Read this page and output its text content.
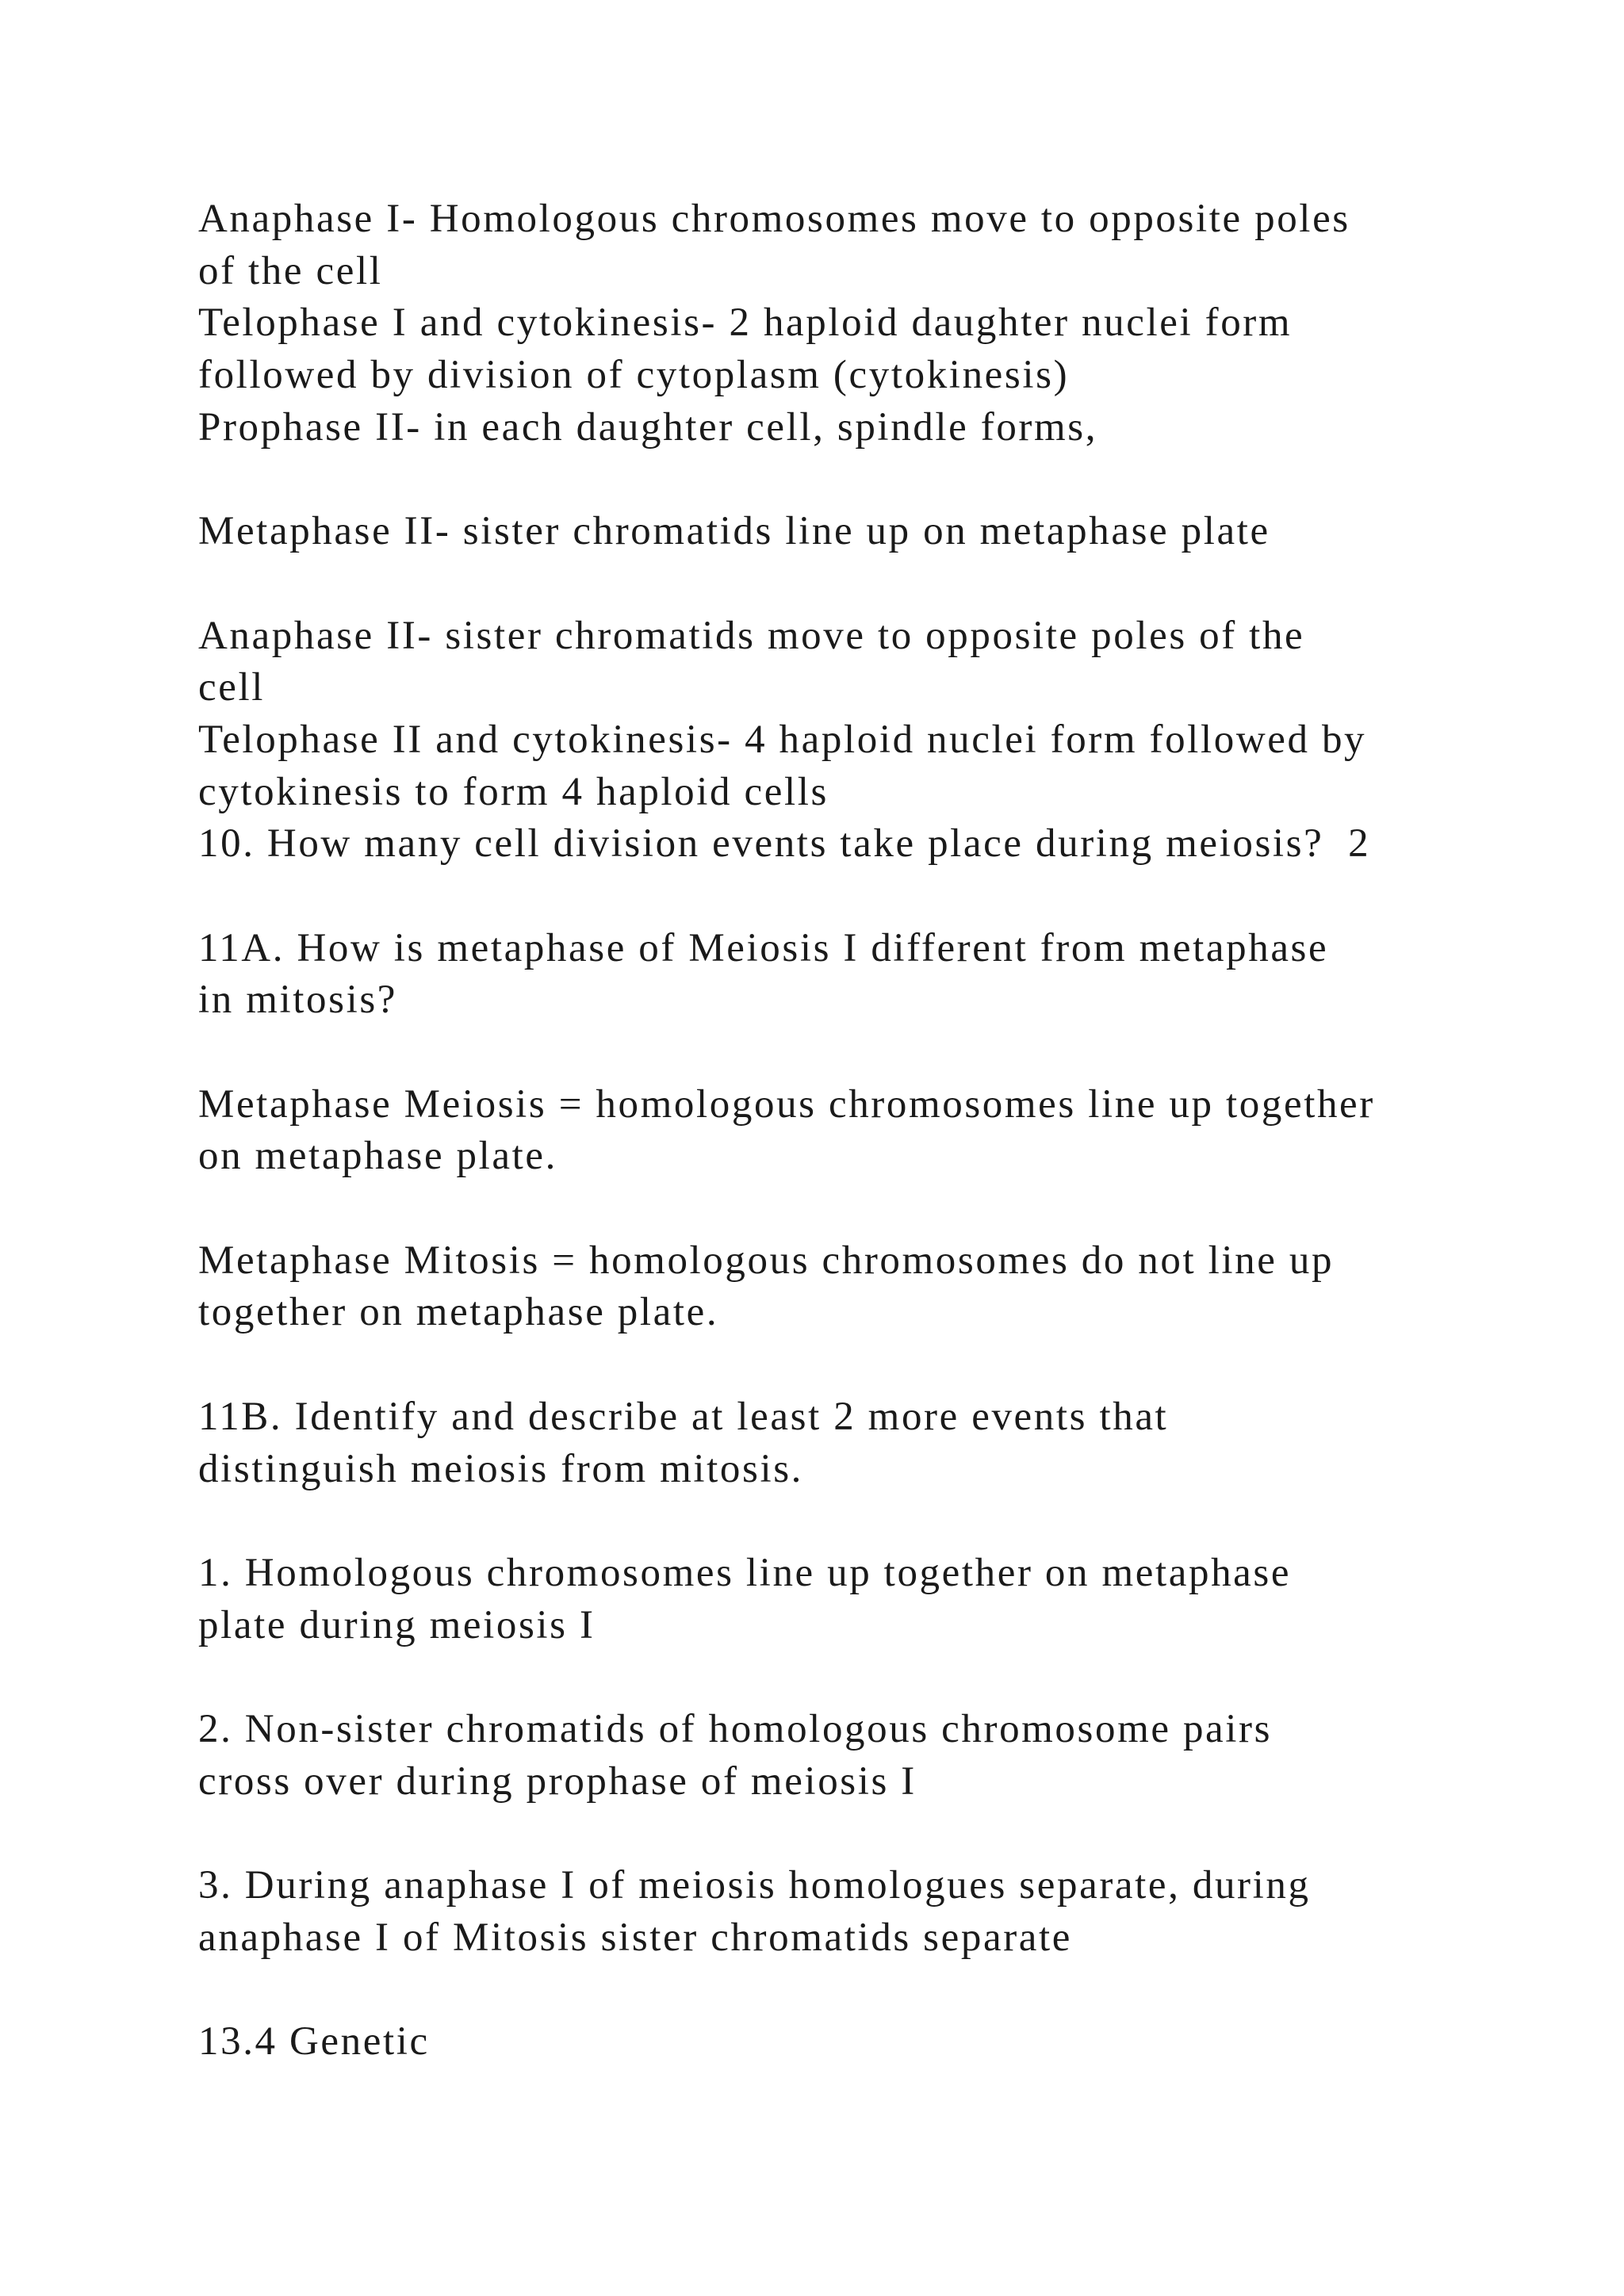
Anaphase I- Homologous chromosomes move to opposite poles
of the cell
Telophase I and cytokinesis- 2 haploid daughter nuclei form
followed by division of cytoplasm (cytokinesis)
Prophase II- in each daughter cell, spindle forms,
Metaphase II- sister chromatids line up on metaphase plate
Anaphase II- sister chromatids move to opposite poles of the
cell
Telophase II and cytokinesis- 4 haploid nuclei form followed by
cytokinesis to form 4 haploid cells
10. How many cell division events take place during meiosis?  2
11A. How is metaphase of Meiosis I different from metaphase
in mitosis?
Metaphase Meiosis = homologous chromosomes line up together
on metaphase plate.
Metaphase Mitosis = homologous chromosomes do not line up
together on metaphase plate.
11B. Identify and describe at least 2 more events that
distinguish meiosis from mitosis.
1. Homologous chromosomes line up together on metaphase
plate during meiosis I
2. Non-sister chromatids of homologous chromosome pairs
cross over during prophase of meiosis I
3. During anaphase I of meiosis homologues separate, during
anaphase I of Mitosis sister chromatids separate
13.4 Genetic
